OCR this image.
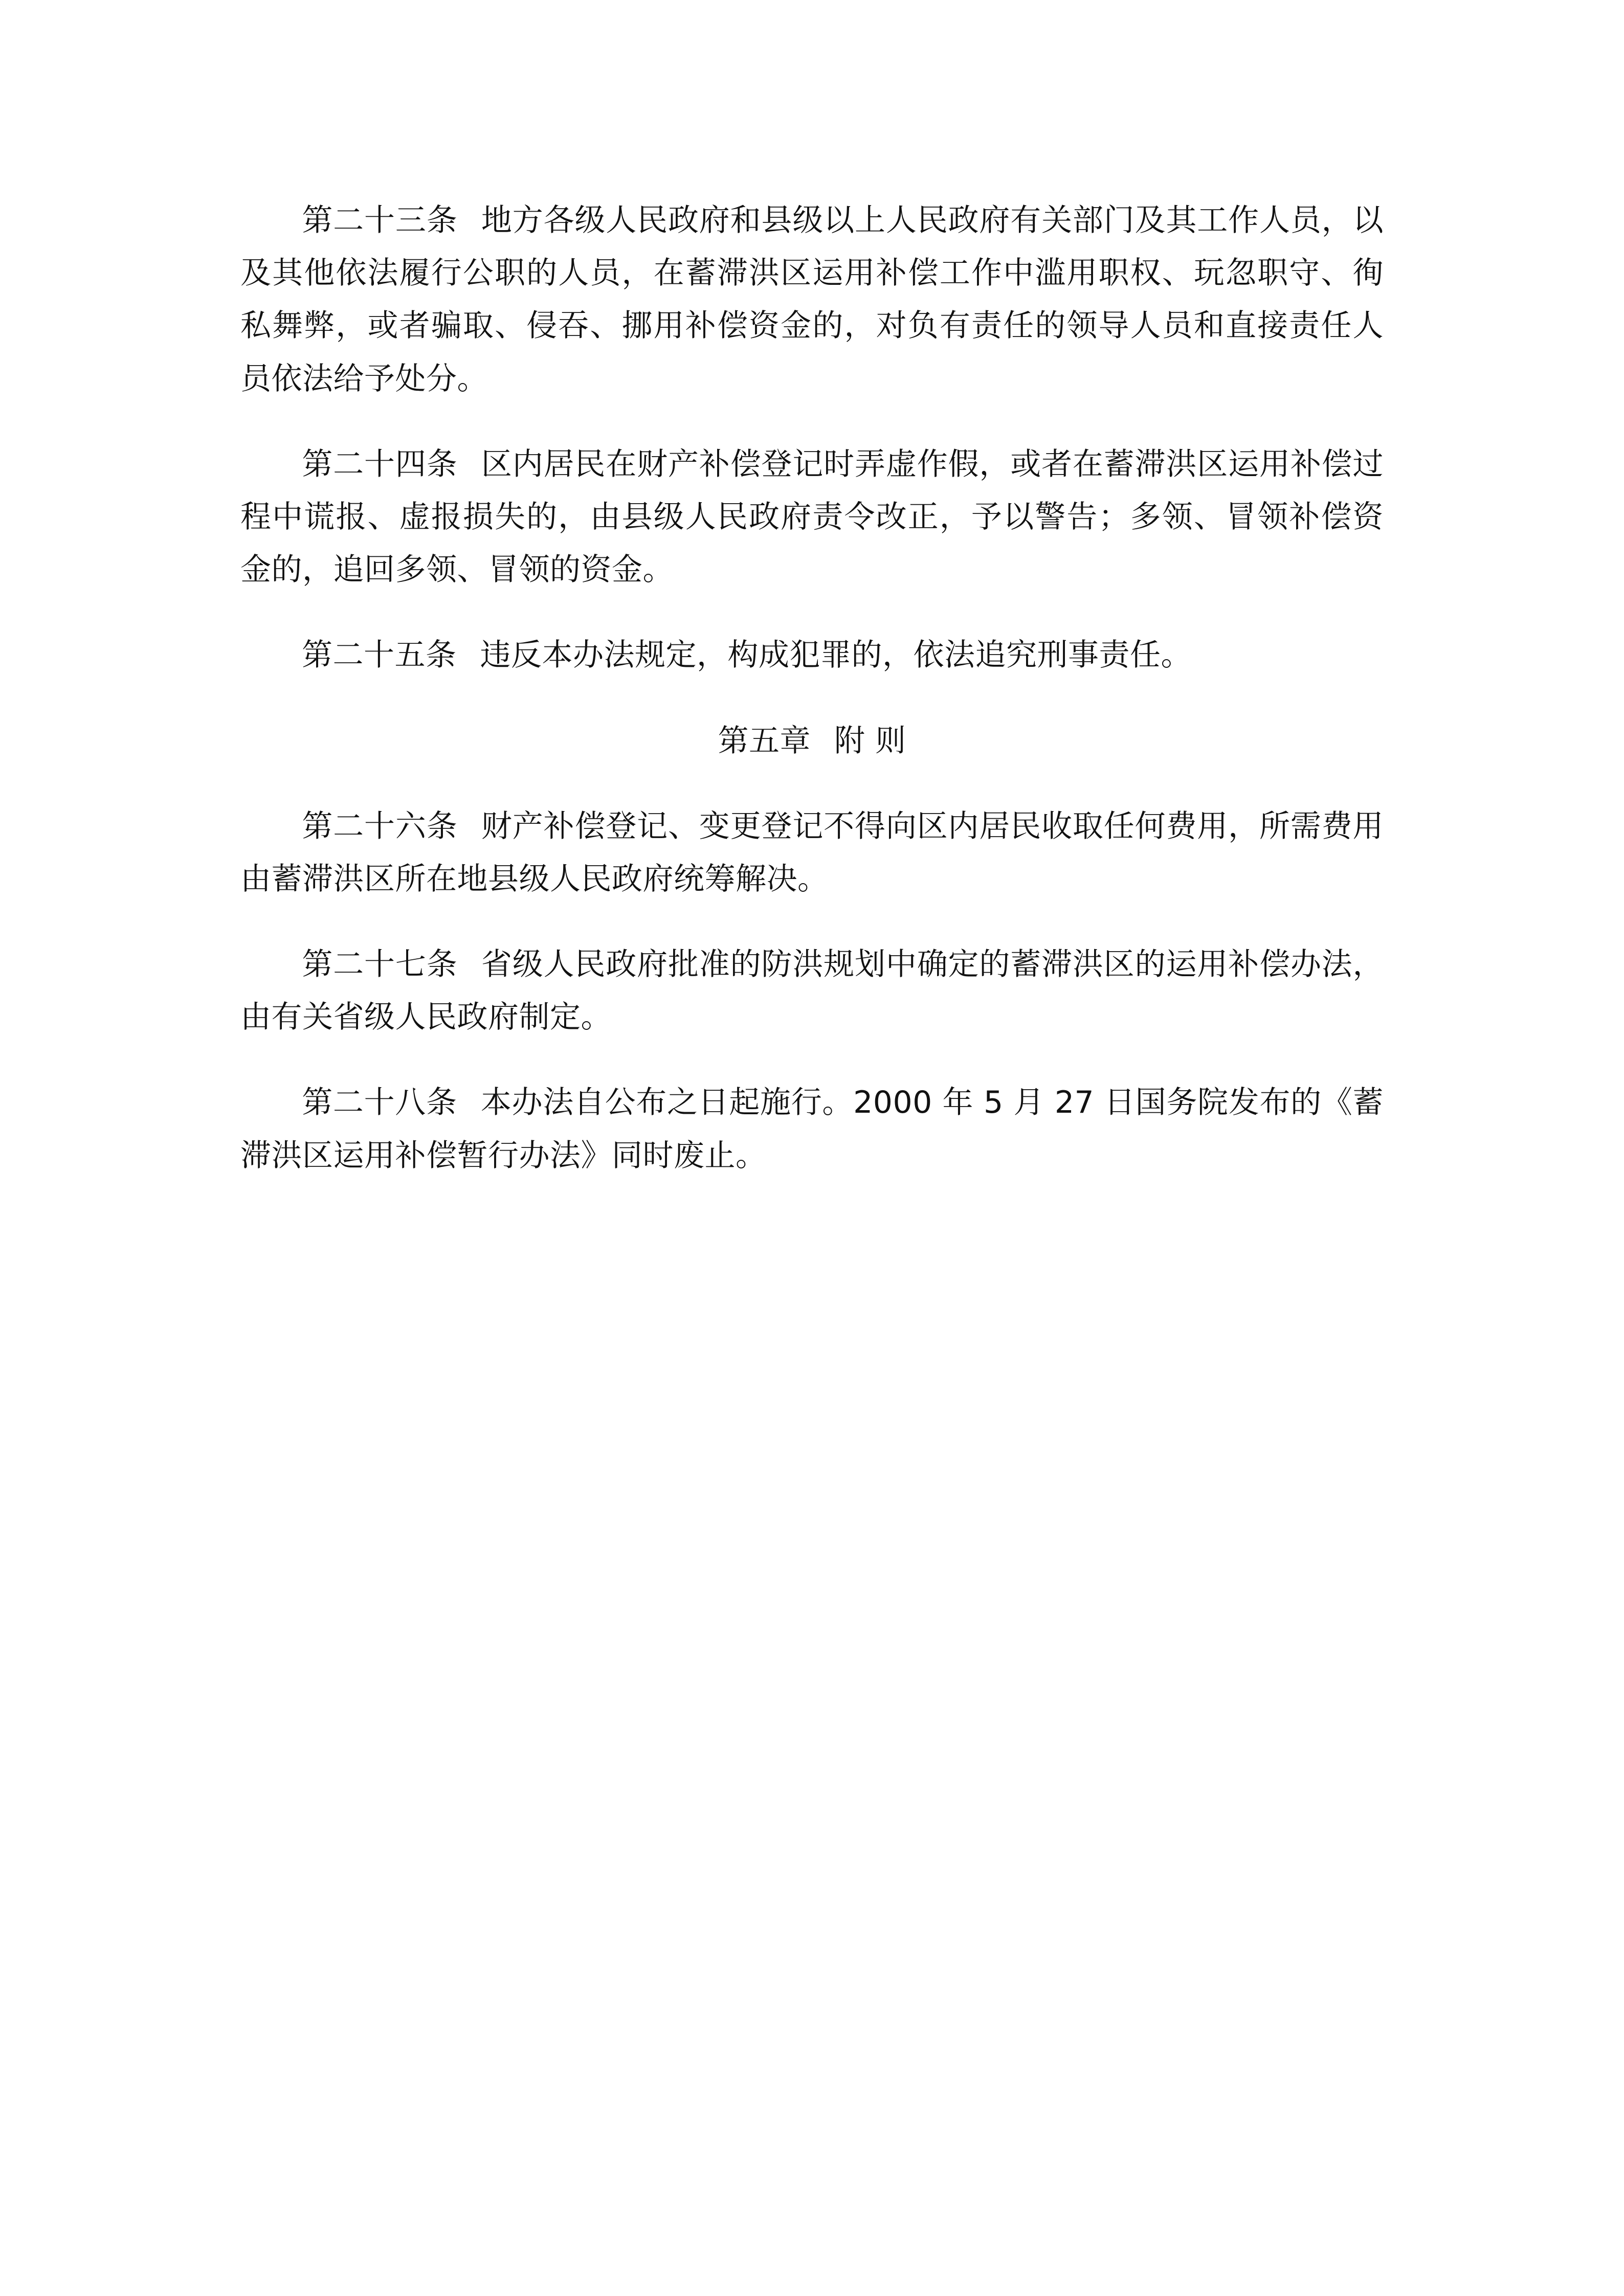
第二十三条 地方各级人民政府和县级以上人民政府有关部门及其工作人员，以及其他依法履行公职的人员，在蓄滞洪区运用补偿工作中滥用职权、玩忽职守、徇私舞弊，或者骗取、侵吞、挪用补偿资金的，对负有责任的领导人员和直接责任人员依法给予处分。

第二十四条 区内居民在财产补偿登记时弄虚作假，或者在蓄滞洪区运用补偿过程中谎报、虚报损失的，由县级人民政府责令改正，予以警告；多领、冒领补偿资金的，追回多领、冒领的资金。

第二十五条 违反本办法规定，构成犯罪的，依法追究刑事责任。

第五章 附 则

第二十六条 财产补偿登记、变更登记不得向区内居民收取任何费用，所需费用由蓄滞洪区所在地县级人民政府统筹解决。

第二十七条 省级人民政府批准的防洪规划中确定的蓄滞洪区的运用补偿办法，由有关省级人民政府制定。

第二十八条 本办法自公布之日起施行。2000 年 5 月 27 日国务院发布的《蓄滞洪区运用补偿暂行办法》同时废止。
